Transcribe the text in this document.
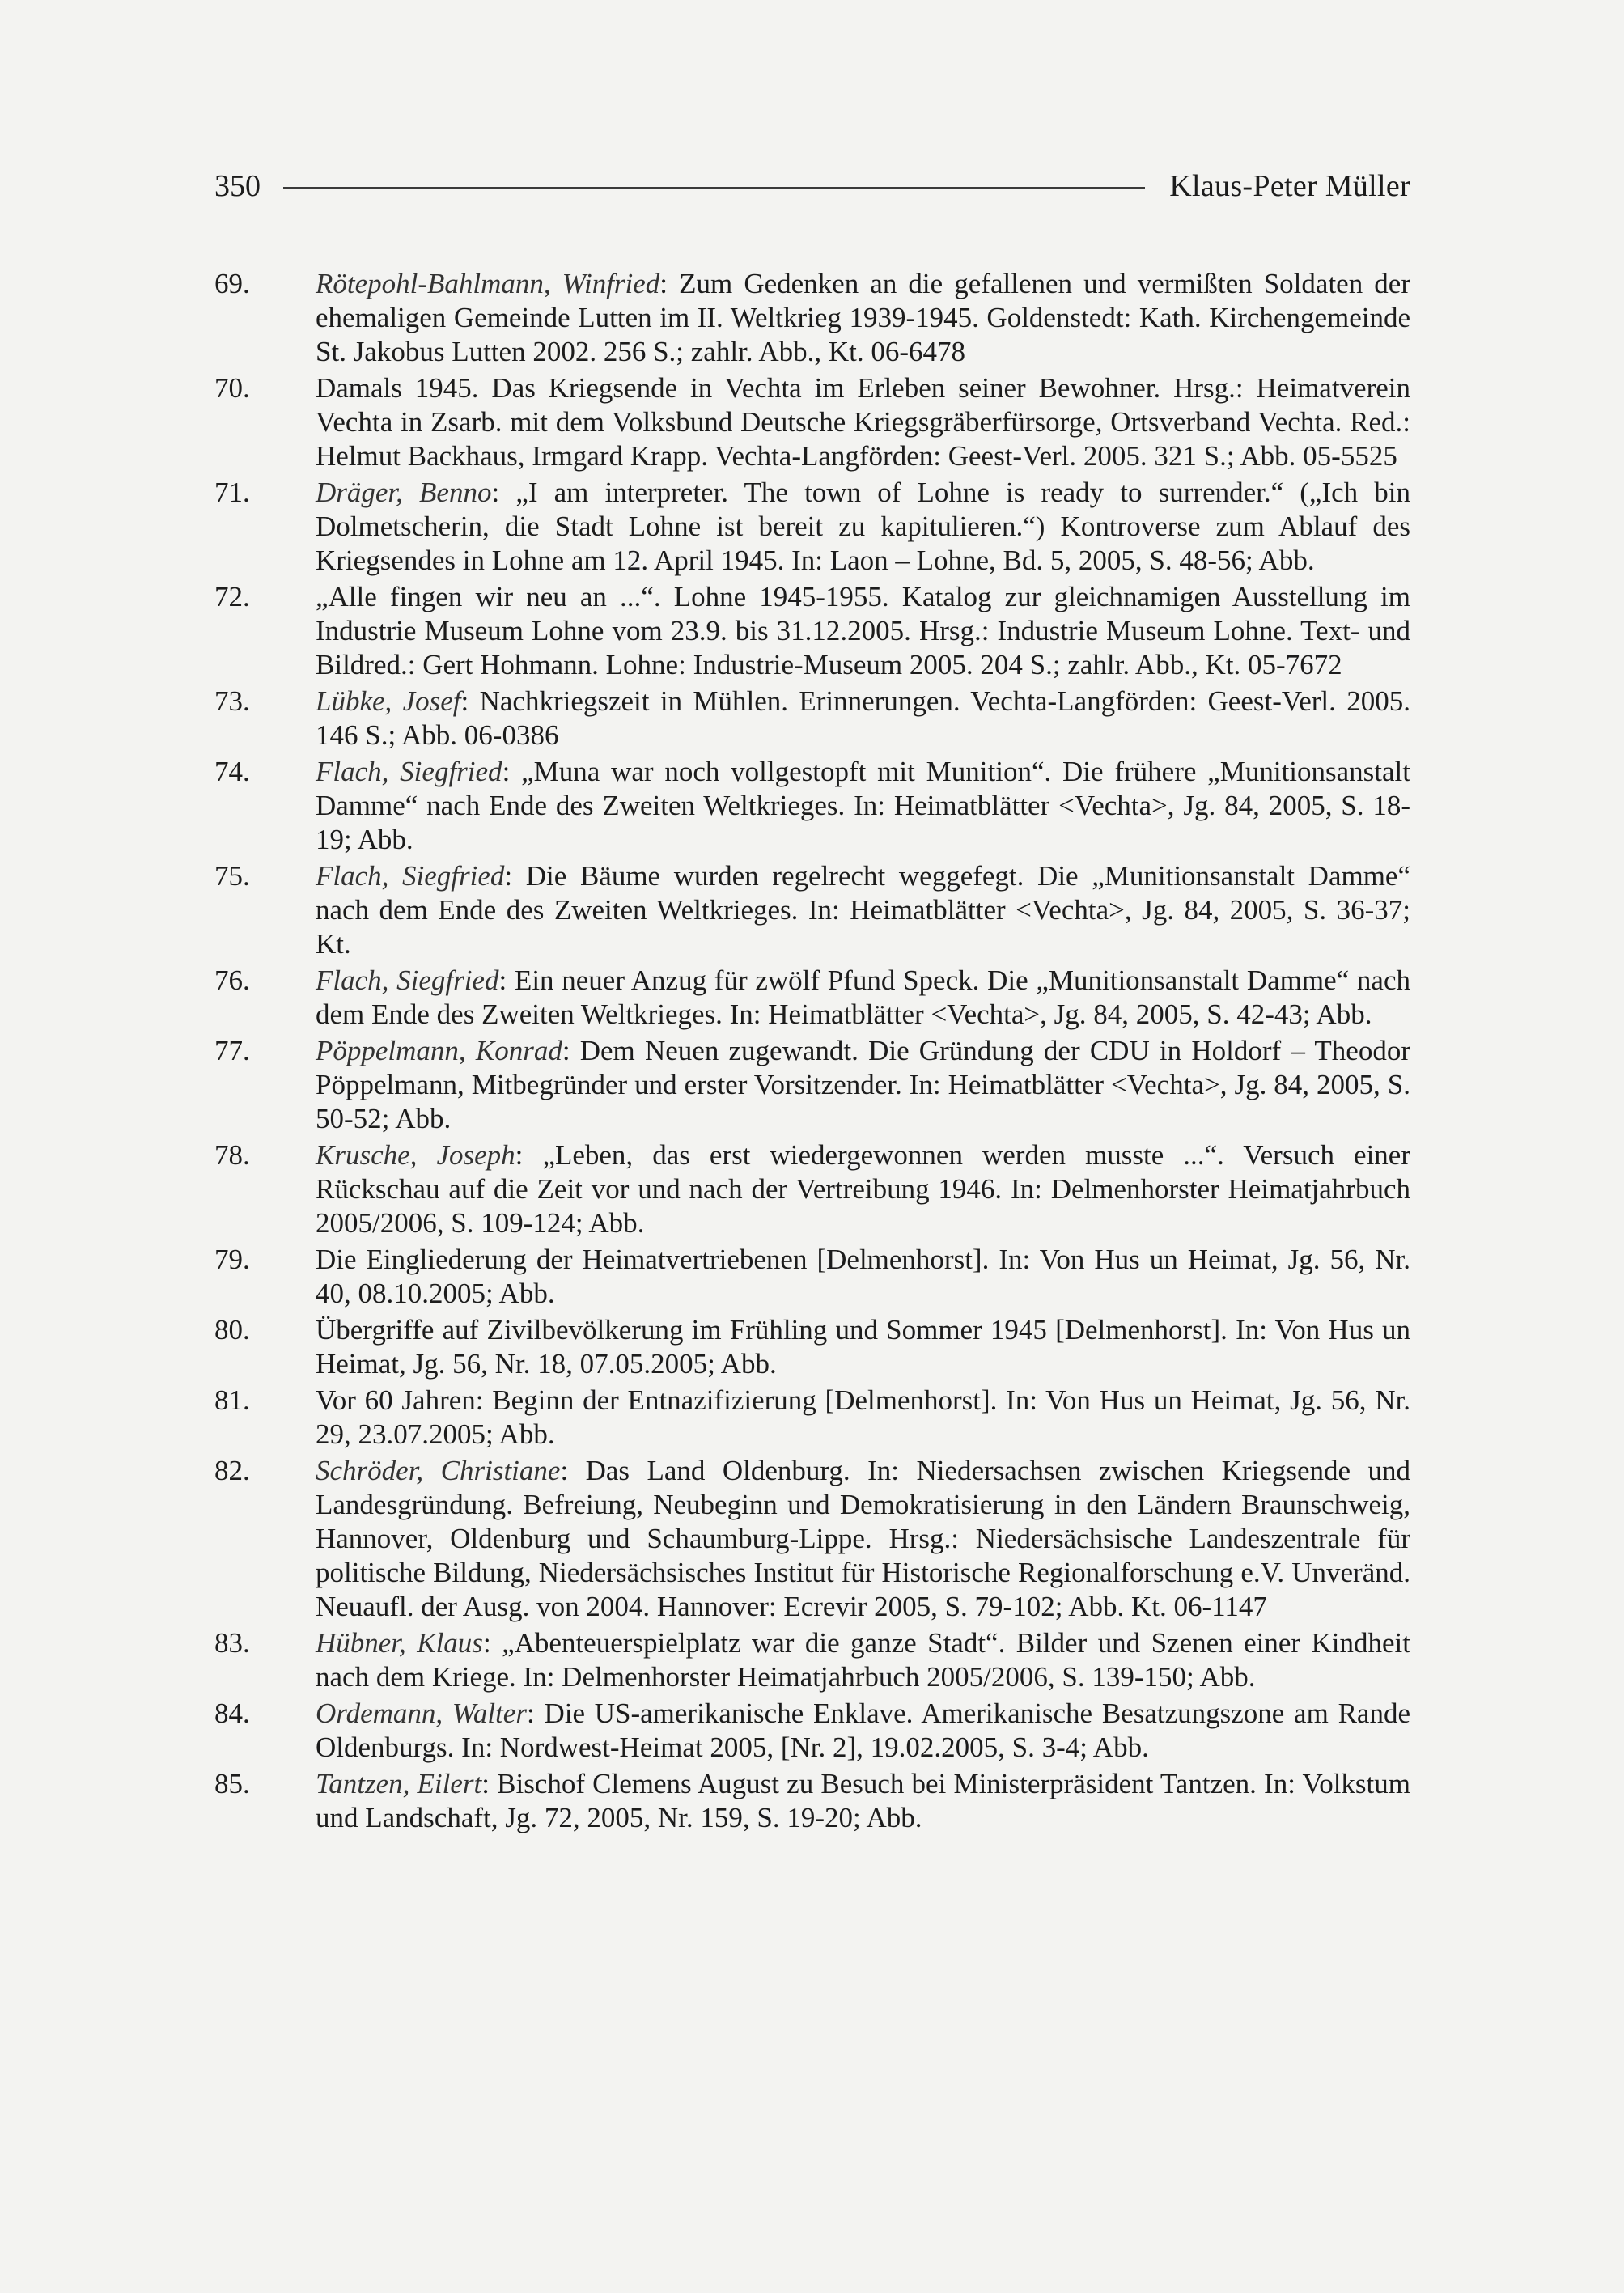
350	Klaus-Peter Müller
69.	Rötepohl-Bahlmann, Winfried: Zum Gedenken an die gefallenen und vermißten Soldaten der ehemaligen Gemeinde Lutten im II. Weltkrieg 1939-1945. Goldenstedt: Kath. Kirchengemeinde St. Jakobus Lutten 2002. 256 S.; zahlr. Abb., Kt. 06-6478
70.	Damals 1945. Das Kriegsende in Vechta im Erleben seiner Bewohner. Hrsg.: Heimatverein Vechta in Zsarb. mit dem Volksbund Deutsche Kriegsgräberfürsorge, Ortsverband Vechta. Red.: Helmut Backhaus, Irmgard Krapp. Vechta-Langförden: Geest-Verl. 2005. 321 S.; Abb. 05-5525
71.	Dräger, Benno: „I am interpreter. The town of Lohne is ready to surrender.“ („Ich bin Dolmetscherin, die Stadt Lohne ist bereit zu kapitulieren.“) Kontroverse zum Ablauf des Kriegsendes in Lohne am 12. April 1945. In: Laon – Lohne, Bd. 5, 2005, S. 48-56; Abb.
72.	„Alle fingen wir neu an ...“. Lohne 1945-1955. Katalog zur gleichnamigen Ausstellung im Industrie Museum Lohne vom 23.9. bis 31.12.2005. Hrsg.: Industrie Museum Lohne. Text- und Bildred.: Gert Hohmann. Lohne: Industrie-Museum 2005. 204 S.; zahlr. Abb., Kt. 05-7672
73.	Lübke, Josef: Nachkriegszeit in Mühlen. Erinnerungen. Vechta-Langförden: Geest-Verl. 2005. 146 S.; Abb. 06-0386
74.	Flach, Siegfried: „Muna war noch vollgestopft mit Munition“. Die frühere „Munitionsanstalt Damme“ nach Ende des Zweiten Weltkrieges. In: Heimatblätter <Vechta>, Jg. 84, 2005, S. 18-19; Abb.
75.	Flach, Siegfried: Die Bäume wurden regelrecht weggefegt. Die „Munitionsanstalt Damme“ nach dem Ende des Zweiten Weltkrieges. In: Heimatblätter <Vechta>, Jg. 84, 2005, S. 36-37; Kt.
76.	Flach, Siegfried: Ein neuer Anzug für zwölf Pfund Speck. Die „Munitionsanstalt Damme“ nach dem Ende des Zweiten Weltkrieges. In: Heimatblätter <Vechta>, Jg. 84, 2005, S. 42-43; Abb.
77.	Pöppelmann, Konrad: Dem Neuen zugewandt. Die Gründung der CDU in Holdorf – Theodor Pöppelmann, Mitbegründer und erster Vorsitzender. In: Heimatblätter <Vechta>, Jg. 84, 2005, S. 50-52; Abb.
78.	Krusche, Joseph: „Leben, das erst wiedergewonnen werden musste ...“. Versuch einer Rückschau auf die Zeit vor und nach der Vertreibung 1946. In: Delmenhorster Heimatjahrbuch 2005/2006, S. 109-124; Abb.
79.	Die Eingliederung der Heimatvertriebenen [Delmenhorst]. In: Von Hus un Heimat, Jg. 56, Nr. 40, 08.10.2005; Abb.
80.	Übergriffe auf Zivilbevölkerung im Frühling und Sommer 1945 [Delmenhorst]. In: Von Hus un Heimat, Jg. 56, Nr. 18, 07.05.2005; Abb.
81.	Vor 60 Jahren: Beginn der Entnazifizierung [Delmenhorst]. In: Von Hus un Heimat, Jg. 56, Nr. 29, 23.07.2005; Abb.
82.	Schröder, Christiane: Das Land Oldenburg. In: Niedersachsen zwischen Kriegsende und Landesgründung. Befreiung, Neubeginn und Demokratisierung in den Ländern Braunschweig, Hannover, Oldenburg und Schaumburg-Lippe. Hrsg.: Niedersächsische Landeszentrale für politische Bildung, Niedersächsisches Institut für Historische Regionalforschung e.V. Unveränd. Neuaufl. der Ausg. von 2004. Hannover: Ecrevir 2005, S. 79-102; Abb. Kt. 06-1147
83.	Hübner, Klaus: „Abenteuerspielplatz war die ganze Stadt“. Bilder und Szenen einer Kindheit nach dem Kriege. In: Delmenhorster Heimatjahrbuch 2005/2006, S. 139-150; Abb.
84.	Ordemann, Walter: Die US-amerikanische Enklave. Amerikanische Besatzungszone am Rande Oldenburgs. In: Nordwest-Heimat 2005, [Nr. 2], 19.02.2005, S. 3-4; Abb.
85.	Tantzen, Eilert: Bischof Clemens August zu Besuch bei Ministerpräsident Tantzen. In: Volkstum und Landschaft, Jg. 72, 2005, Nr. 159, S. 19-20; Abb.
